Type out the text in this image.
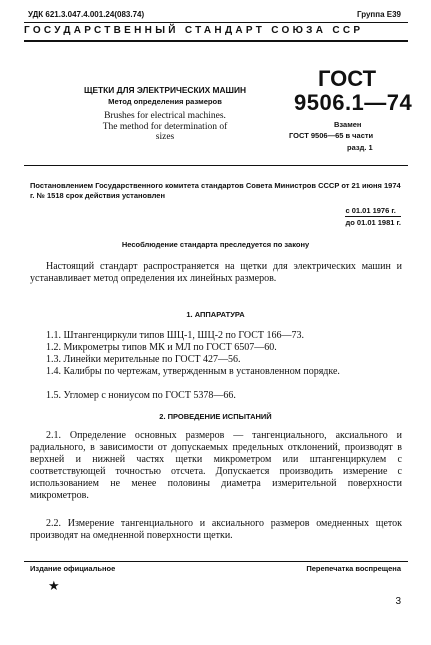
УДК 621.3.047.4.001.24(083.74)	Группа Е39
ГОСУДАРСТВЕННЫЙ СТАНДАРТ СОЮЗА ССР
ЩЕТКИ ДЛЯ ЭЛЕКТРИЧЕСКИХ МАШИН
Метод определения размеров
Brushes for electrical machines.
The method for determination of
sizes
ГОСТ
9506.1—74
Взамен
ГОСТ 9506—65 в части
разд. 1
Постановлением Государственного комитета стандартов Совета Министров СССР от 21 июня 1974 г. № 1518 срок действия установлен
с 01.01 1976 г.
до 01.01 1981 г.
Несоблюдение стандарта преследуется по закону
Настоящий стандарт распространяется на щетки для электрических машин и устанавливает метод определения их линейных размеров.
1. АППАРАТУРА
1.1. Штангенциркули типов ШЦ-1, ШЦ-2 по ГОСТ 166—73.
1.2. Микрометры типов МК и МЛ по ГОСТ 6507—60.
1.3. Линейки мерительные по ГОСТ 427—56.
1.4. Калибры по чертежам, утвержденным в установленном порядке.
1.5. Угломер с нониусом по ГОСТ 5378—66.
2. ПРОВЕДЕНИЕ ИСПЫТАНИЙ
2.1. Определение основных размеров — тангенциального, аксиального и радиального, в зависимости от допускаемых предельных отклонений, производят в верхней и нижней частях щетки микрометром или штангенциркулем с соответствующей точностью отсчета. Допускается производить измерение с использованием не менее половины диаметра измерительной поверхности микрометров.
2.2. Измерение тангенциального и аксиального размеров омедненных щеток производят на омедненной поверхности щетки.
Издание официальное	Перепечатка воспрещена
★
3
